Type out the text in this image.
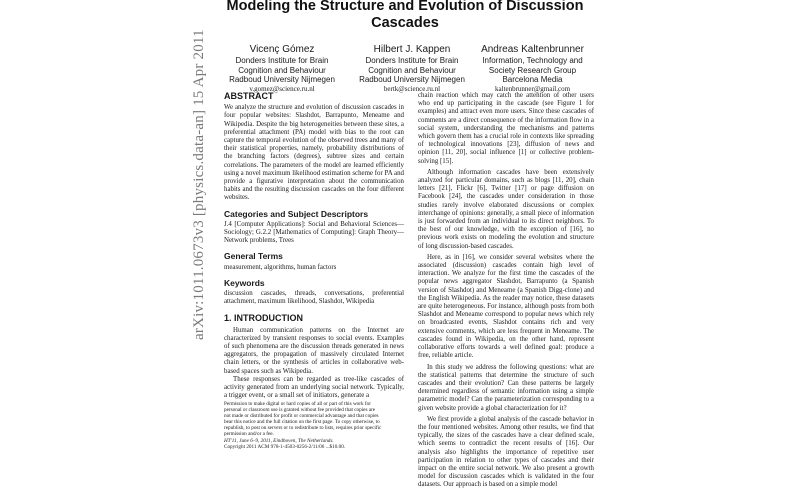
Modeling the Structure and Evolution of Discussion Cascades
Vicenç Gómez
Donders Institute for Brain
Cognition and Behaviour
Radboud University Nijmegen
v.gomez@science.ru.nl
Hilbert J. Kappen
Donders Institute for Brain
Cognition and Behaviour
Radboud University Nijmegen
bertk@science.ru.nl
Andreas Kaltenbrunner
Information, Technology and
Society Research Group
Barcelona Media
kaltenbrunner@gmail.com
arXiv:1011.0673v3 [physics.data-an] 15 Apr 2011 ABSTRACT

We analyze the structure and evolution of discussion cascades in four popular websites: Slashdot, Barrapunto, Meneame and Wikipedia. Despite the big heterogeneities between these sites, a preferential attachment (PA) model with bias to the root can capture the temporal evolution of the observed trees and many of their statistical properties, namely, probability distributions of the branching factors (degrees), subtree sizes and certain correlations. The parameters of the model are learned efficiently using a novel maximum likelihood estimation scheme for PA and provide a figurative interpretation about the communication habits and the resulting discussion cascades on the four different websites.

Categories and Subject Descriptors

J.4 [Computer Applications]: Social and Behavioral Sciences—Sociology; G.2.2 [Mathematics of Computing]: Graph Theory—Network problems, Trees

General Terms

measurement, algorithms, human factors

Keywords

discussion cascades, threads, conversations, preferential attachment, maximum likelihood, Slashdot, Wikipedia

1. INTRODUCTION

Human communication patterns on the Internet are characterized by transient responses to social events. Examples of such phenomena are the discussion threads generated in news aggregators, the propagation of massively circulated Internet chain letters, or the synthesis of articles in collaborative web-based spaces such as Wikipedia.

These responses can be regarded as tree-like cascades of activity generated from an underlying social network. Typically, a trigger event, or a small set of initiators, generate a

Permission to make digital or hard copies of all or part of this work for
personal or classroom use is granted without fee provided that copies are
not made or distributed for profit or commercial advantage and that copies
bear this notice and the full citation on the first page. To copy otherwise, to
republish, to post on servers or to redistribute to lists, requires prior specific
permission and/or a fee.
HT'11, June 6–9, 2011, Eindhoven, The Netherlands.
Copyright 2011 ACM 978-1-4503-0256-2/11/06 ...$10.00.

chain reaction which may catch the attention of other users who end up participating in the cascade (see Figure 1 for examples) and attract even more users. Since these cascades of comments are a direct consequence of the information flow in a social system, understanding the mechanisms and patterns which govern them has a crucial role in contexts like spreading of technological innovations [23], diffusion of news and opinion [11, 20], social influence [1] or collective problem-solving [15].

Although information cascades have been extensively analyzed for particular domains, such as blogs [11, 20], chain letters [21], Flickr [6], Twitter [17] or page diffusion on Facebook [24], the cascades under consideration in those studies rarely involve elaborated discussions or complex interchange of opinions: generally, a small piece of information is just forwarded from an individual to its direct neighbors. To the best of our knowledge, with the exception of [16], no previous work exists on modeling the evolution and structure of long discussion-based cascades.

Here, as in [16], we consider several websites where the associated (discussion) cascades contain high level of interaction. We analyze for the first time the cascades of the popular news aggregator Slashdot, Barrapunto (a Spanish version of Slashdot) and Meneame (a Spanish Digg-clone) and the English Wikipedia. As the reader may notice, these datasets are quite heterogeneous. For instance, although posts from both Slashdot and Meneame correspond to popular news which rely on broadcasted events, Slashdot contains rich and very extensive comments, which are less frequent in Meneame. The cascades found in Wikipedia, on the other hand, represent collaborative efforts towards a well defined goal: produce a free, reliable article.

In this study we address the following questions: what are the statistical patterns that determine the structure of such cascades and their evolution? Can these patterns be largely determined regardless of semantic information using a simple parametric model? Can the parameterization corresponding to a given website provide a global characterization for it?

We first provide a global analysis of the cascade behavior in the four mentioned websites. Among other results, we find that typically, the sizes of the cascades have a clear defined scale, which seems to contradict the recent results of [16]. Our analysis also highlights the importance of repetitive user participation in relation to other types of cascades and their impact on the entire social network. We also present a growth model for discussion cascades which is validated in the four datasets. Our approach is based on a simple model
